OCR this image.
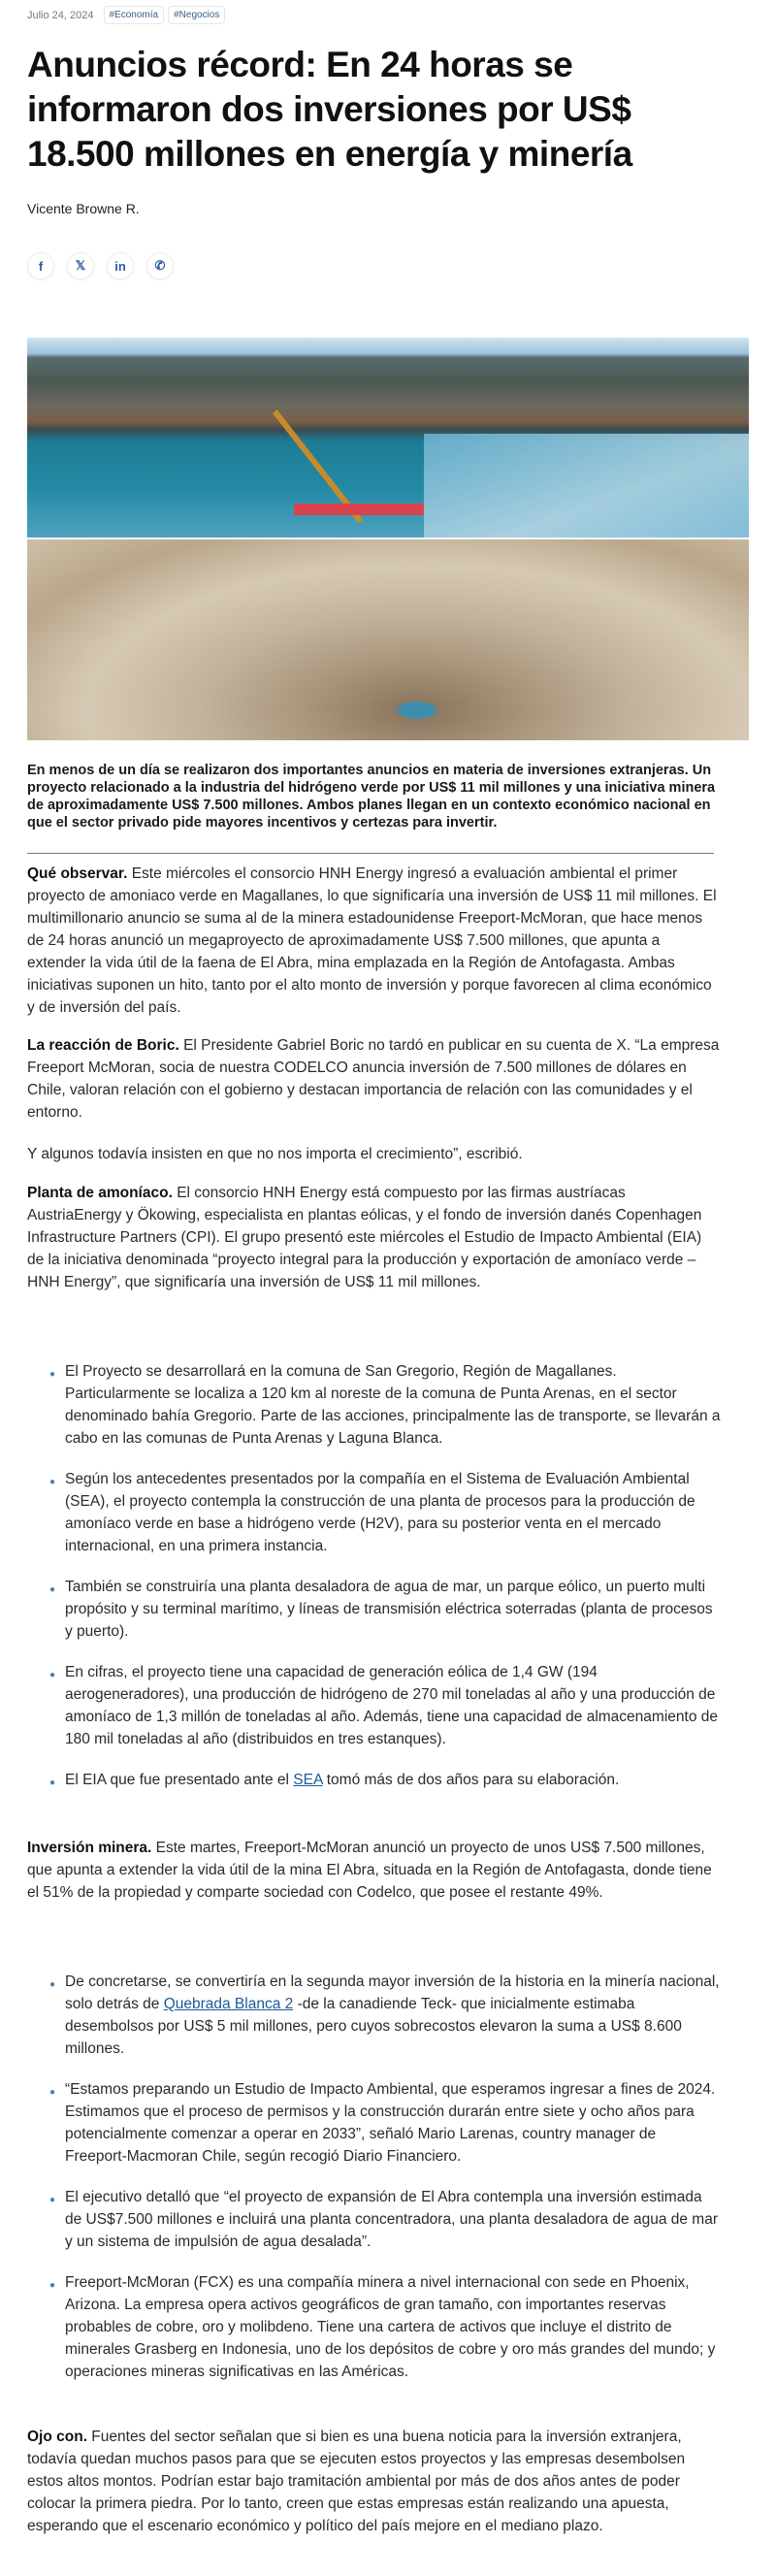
Julio 24, 2024	#Economía	#Negocios
Anuncios récord: En 24 horas se informaron dos inversiones por US$ 18.500 millones en energía y minería
Vicente Browne R.
f	𝕏	in	✆

En menos de un día se realizaron dos importantes anuncios en materia de inversiones extranjeras. Un proyecto relacionado a la industria del hidrógeno verde por US$ 11 mil millones y una iniciativa minera de aproximadamente US$ 7.500 millones. Ambos planes llegan en un contexto económico nacional en que el sector privado pide mayores incentivos y certezas para invertir.

Qué observar. Este miércoles el consorcio HNH Energy ingresó a evaluación ambiental el primer proyecto de amoniaco verde en Magallanes, lo que significaría una inversión de US$ 11 mil millones. El multimillonario anuncio se suma al de la minera estadounidense Freeport-McMoran, que hace menos de 24 horas anunció un megaproyecto de aproximadamente US$ 7.500 millones, que apunta a extender la vida útil de la faena de El Abra, mina emplazada en la Región de Antofagasta. Ambas iniciativas suponen un hito, tanto por el alto monto de inversión y porque favorecen al clima económico y de inversión del país.

La reacción de Boric. El Presidente Gabriel Boric no tardó en publicar en su cuenta de X. “La empresa Freeport McMoran, socia de nuestra CODELCO anuncia inversión de 7.500 millones de dólares en Chile, valoran relación con el gobierno y destacan importancia de relación con las comunidades y el entorno.

Y algunos todavía insisten en que no nos importa el crecimiento”, escribió.

Planta de amoníaco. El consorcio HNH Energy está compuesto por las firmas austríacas AustriaEnergy y Ökowing, especialista en plantas eólicas, y el fondo de inversión danés Copenhagen Infrastructure Partners (CPI). El grupo presentó este miércoles el Estudio de Impacto Ambiental (EIA) de la iniciativa denominada “proyecto integral para la producción y exportación de amoníaco verde – HNH Energy”, que significaría una inversión de US$ 11 mil millones.

● El Proyecto se desarrollará en la comuna de San Gregorio, Región de Magallanes. Particularmente se localiza a 120 km al noreste de la comuna de Punta Arenas, en el sector denominado bahía Gregorio. Parte de las acciones, principalmente las de transporte, se llevarán a cabo en las comunas de Punta Arenas y Laguna Blanca.
● Según los antecedentes presentados por la compañía en el Sistema de Evaluación Ambiental (SEA), el proyecto contempla la construcción de una planta de procesos para la producción de amoníaco verde en base a hidrógeno verde (H2V), para su posterior venta en el mercado internacional, en una primera instancia.
● También se construiría una planta desaladora de agua de mar, un parque eólico, un puerto multi propósito y su terminal marítimo, y líneas de transmisión eléctrica soterradas (planta de procesos y puerto).
● En cifras, el proyecto tiene una capacidad de generación eólica de 1,4 GW (194 aerogeneradores), una producción de hidrógeno de 270 mil toneladas al año y una producción de amoníaco de 1,3 millón de toneladas al año. Además, tiene una capacidad de almacenamiento de 180 mil toneladas al año (distribuidos en tres estanques).
● El EIA que fue presentado ante el SEA tomó más de dos años para su elaboración.

Inversión minera. Este martes, Freeport-McMoran anunció un proyecto de unos US$ 7.500 millones, que apunta a extender la vida útil de la mina El Abra, situada en la Región de Antofagasta, donde tiene el 51% de la propiedad y comparte sociedad con Codelco, que posee el restante 49%.

● De concretarse, se convertiría en la segunda mayor inversión de la historia en la minería nacional, solo detrás de Quebrada Blanca 2 -de la canadiende Teck- que inicialmente estimaba desembolsos por US$ 5 mil millones, pero cuyos sobrecostos elevaron la suma a US$ 8.600 millones.
● “Estamos preparando un Estudio de Impacto Ambiental, que esperamos ingresar a fines de 2024. Estimamos que el proceso de permisos y la construcción durarán entre siete y ocho años para potencialmente comenzar a operar en 2033”, señaló Mario Larenas, country manager de Freeport-Macmoran Chile, según recogió Diario Financiero.
● El ejecutivo detalló que “el proyecto de expansión de El Abra contempla una inversión estimada de US$7.500 millones e incluirá una planta concentradora, una planta desaladora de agua de mar y un sistema de impulsión de agua desalada”.
● Freeport-McMoran (FCX) es una compañía minera a nivel internacional con sede en Phoenix, Arizona. La empresa opera activos geográficos de gran tamaño, con importantes reservas probables de cobre, oro y molibdeno. Tiene una cartera de activos que incluye el distrito de minerales Grasberg en Indonesia, uno de los depósitos de cobre y oro más grandes del mundo; y operaciones mineras significativas en las Américas.

Ojo con. Fuentes del sector señalan que si bien es una buena noticia para la inversión extranjera, todavía quedan muchos pasos para que se ejecuten estos proyectos y las empresas desembolsen estos altos montos. Podrían estar bajo tramitación ambiental por más de dos años antes de poder colocar la primera piedra. Por lo tanto, creen que estas empresas están realizando una apuesta, esperando que el escenario económico y político del país mejore en el mediano plazo.
